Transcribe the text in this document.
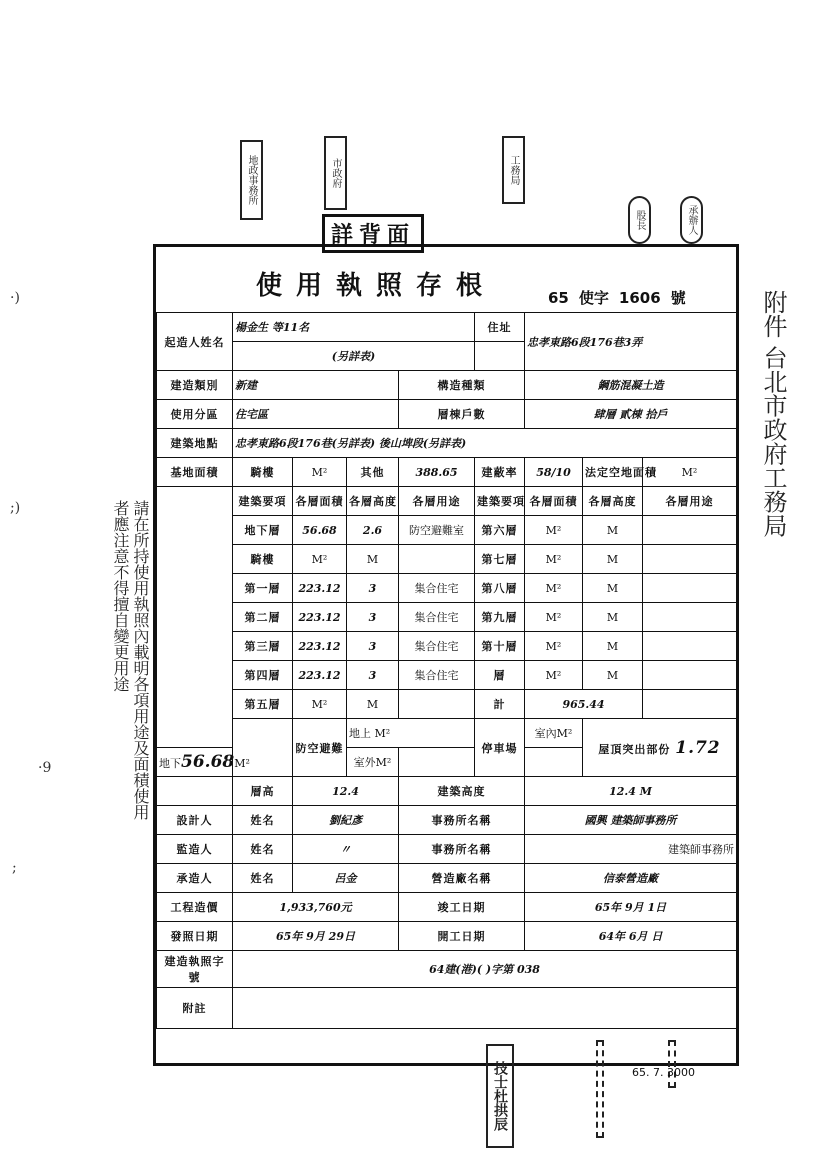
·)
;)
·9
;
地政事務所	市政府	工務局
股長	承辦人
詳背面
請在所持使用執照內載明各項用途及面積使用者應注意不得擅自變更用途
附件 台北市政府工務局
使用執照存根	65 使字 1606 號
起造人姓名	楊金生 等11名				住址	忠孝東路6段176巷3弄		
	(另詳表)							
建造類別	新建			構造種類		鋼筋混凝土造		
使用分區	住宅區			層棟戶數		肆層 貳棟 拾戶		
建築地點	忠孝東路6段176巷(另詳表) 後山埤段(另詳表)							
基地面積	騎樓	M²	其他	388.65	建蔽率	58/10	法定空地面積	M²
	建築要項	各層面積	各層高度	各層用途	建築要項	各層面積	各層高度	各層用途
	地下層	56.68	2.6	防空避難室	第六層	M²	M	
	騎樓	M²	M		第七層	M²	M	
	第一層	223.12	3	集合住宅	第八層	M²	M	
	第二層	223.12	3	集合住宅	第九層	M²	M	
	第三層	223.12	3	集合住宅	第十層	M²	M	
	第四層	223.12	3	集合住宅	層	M²	M	
	第五層	M²	M		計	965.44		
		防空避難	地上 M²		停車場	室內M²	屋頂突出部份 1.72	
地下56.68M²			室外M²					
	層高	12.4		建築高度		12.4 M		
設計人	姓名	劉紀彥		事務所名稱		國興 建築師事務所		
監造人	姓名	〃		事務所名稱		建築師事務所		
承造人	姓名	呂金		營造廠名稱		信泰營造廠		
工程造價	1,933,760元			竣工日期		65年 9月 1日		
發照日期	65年 9月 29日			開工日期		64年 6月 日		
建造執照字號	64建(港)( )字第 038							
附註								
技士杜拱辰	65. 7. 3000
